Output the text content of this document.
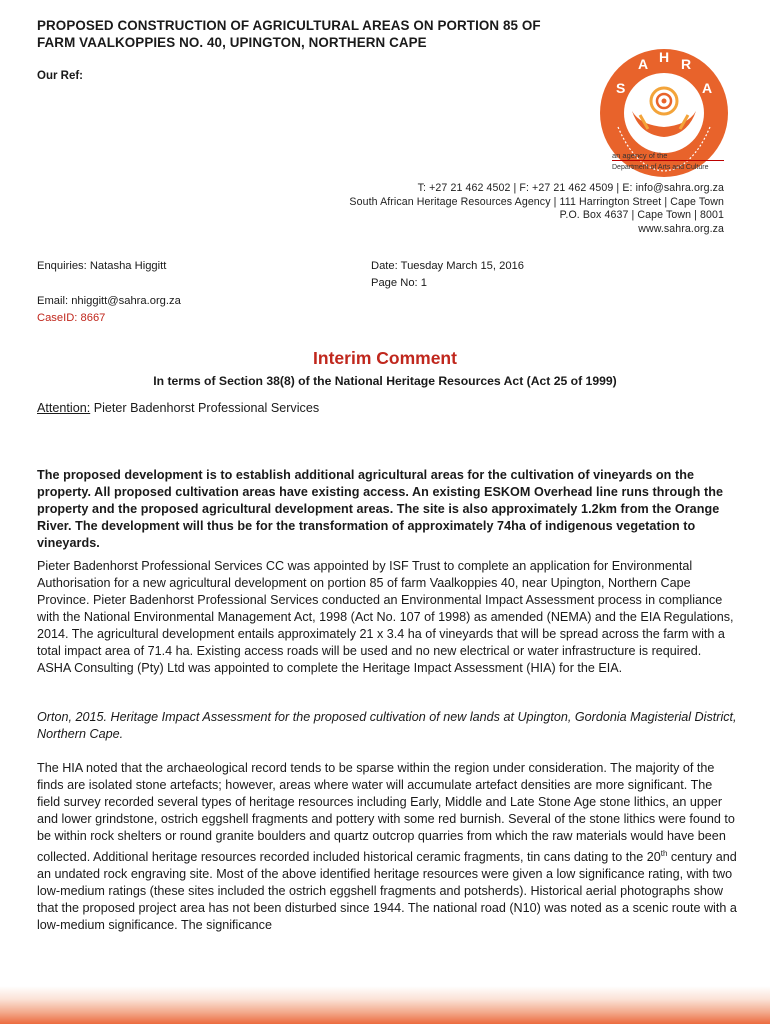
PROPOSED CONSTRUCTION OF AGRICULTURAL AREAS ON PORTION 85 OF
FARM VAALKOPPIES NO. 40, UPINGTON, NORTHERN CAPE
Our Ref:
S
A H R
A
an agency of the
Department of Arts and Culture
T: +27 21 462 4502 | F: +27 21 462 4509 | E: info@sahra.org.za
South African Heritage Resources Agency | 111 Harrington Street | Cape Town
P.O. Box 4637 | Cape Town | 8001
www.sahra.org.za
Enquiries: Natasha Higgitt	Date: Tuesday March 15, 2016
Page No: 1
Email: nhiggitt@sahra.org.za
CaseID: 8667
Interim Comment
In terms of Section 38(8) of the National Heritage Resources Act (Act 25 of 1999)
Attention: Pieter Badenhorst Professional Services
The proposed development is to establish additional agricultural areas for the cultivation of vineyards on the property. All proposed cultivation areas have existing access. An existing ESKOM Overhead line runs through the property and the proposed agricultural development areas. The site is also approximately 1.2km from the Orange River. The development will thus be for the transformation of approximately 74ha of indigenous vegetation to vineyards.
Pieter Badenhorst Professional Services CC was appointed by ISF Trust to complete an application for Environmental Authorisation for a new agricultural development on portion 85 of farm Vaalkoppies 40, near Upington, Northern Cape Province. Pieter Badenhorst Professional Services conducted an Environmental Impact Assessment process in compliance with the National Environmental Management Act, 1998 (Act No. 107 of 1998) as amended (NEMA) and the EIA Regulations, 2014. The agricultural development entails approximately 21 x 3.4 ha of vineyards that will be spread across the farm with a total impact area of 71.4 ha. Existing access roads will be used and no new electrical or water infrastructure is required. ASHA Consulting (Pty) Ltd was appointed to complete the Heritage Impact Assessment (HIA) for the EIA.
Orton, 2015. Heritage Impact Assessment for the proposed cultivation of new lands at Upington, Gordonia Magisterial District, Northern Cape.
The HIA noted that the archaeological record tends to be sparse within the region under consideration. The majority of the finds are isolated stone artefacts; however, areas where water will accumulate artefact densities are more significant. The field survey recorded several types of heritage resources including Early, Middle and Late Stone Age stone lithics, an upper and lower grindstone, ostrich eggshell fragments and pottery with some red burnish. Several of the stone lithics were found to be within rock shelters or round granite boulders and quartz outcrop quarries from which the raw materials would have been collected. Additional heritage resources recorded included historical ceramic fragments, tin cans dating to the 20th century and an undated rock engraving site. Most of the above identified heritage resources were given a low significance rating, with two low-medium ratings (these sites included the ostrich eggshell fragments and potsherds). Historical aerial photographs show that the proposed project area has not been disturbed since 1944. The national road (N10) was noted as a scenic route with a low-medium significance. The significance
